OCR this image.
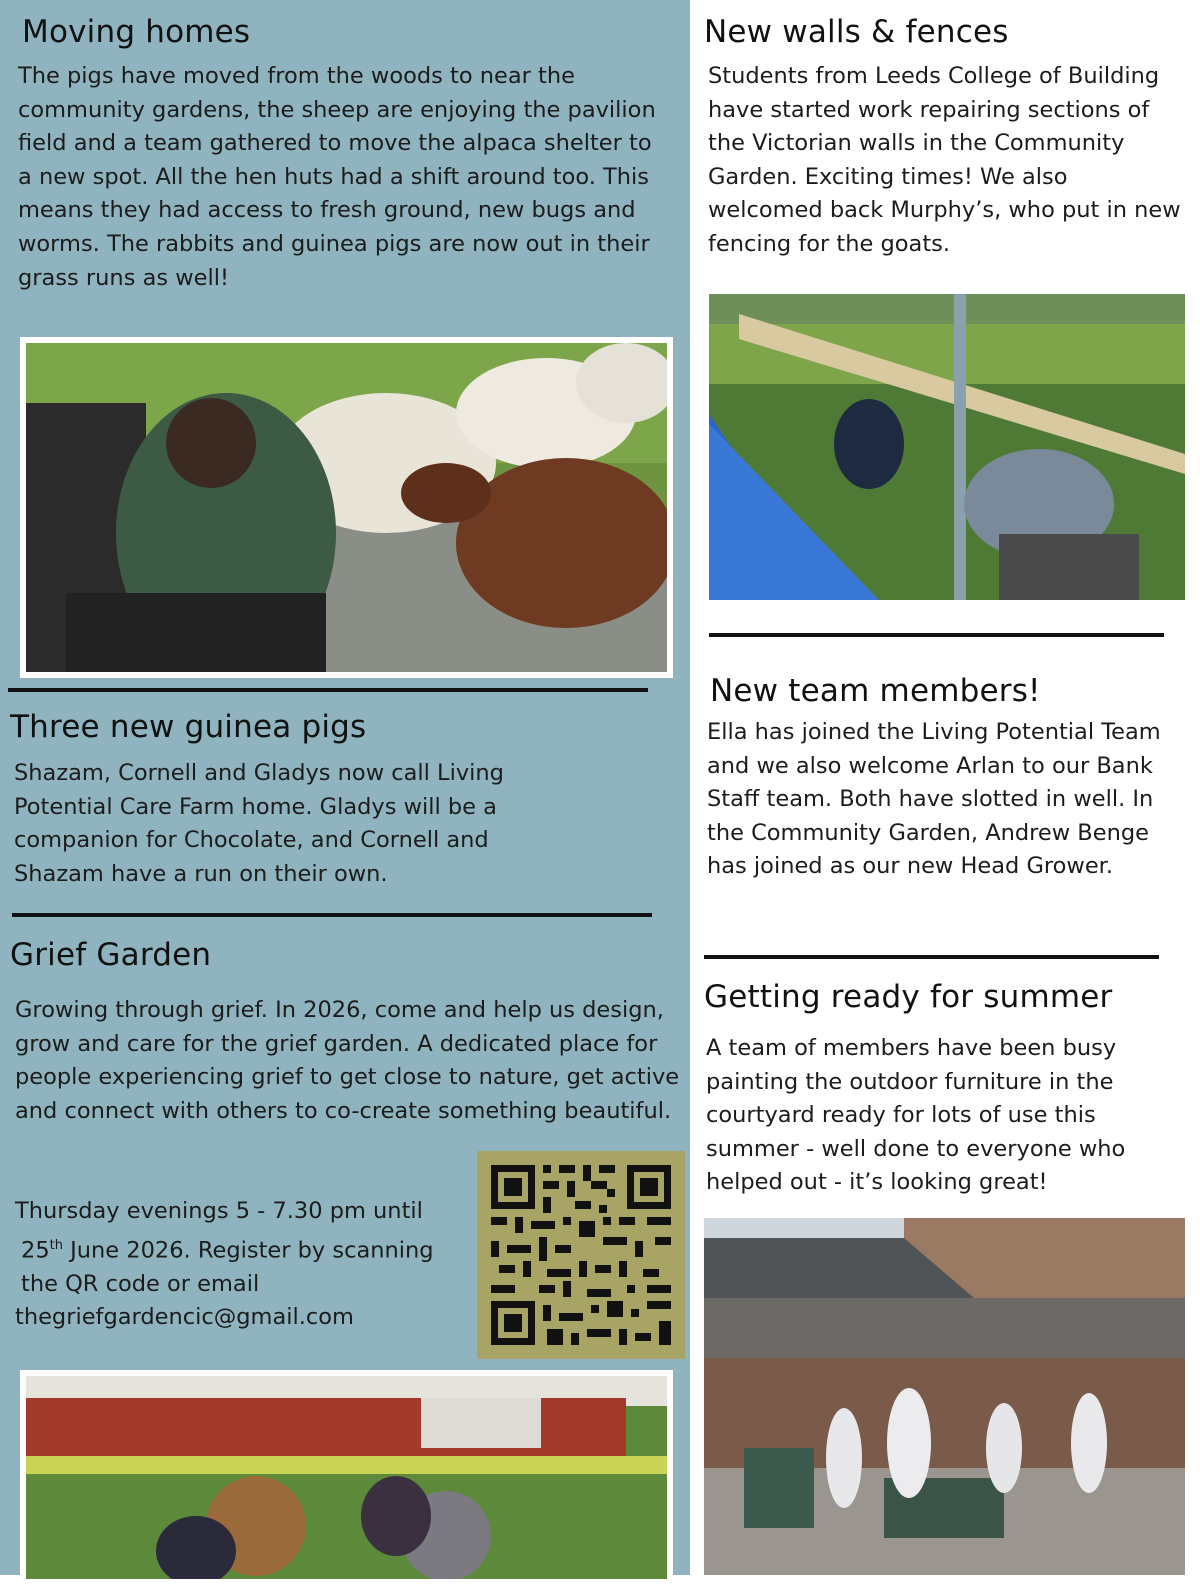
Moving homes

The pigs have moved from the woods to near the community gardens, the sheep are enjoying the pavilion field and a team gathered to move the alpaca shelter to a new spot. All the hen huts had a shift around too. This means they had access to fresh ground, new bugs and worms. The rabbits and guinea pigs are now out in their grass runs as well!

Three new guinea pigs

Shazam, Cornell and Gladys now call Living Potential Care Farm home. Gladys will be a companion for Chocolate, and Cornell and Shazam have a run on their own.

Grief Garden

Growing through grief. In 2026, come and help us design, grow and care for the grief garden. A dedicated place for people experiencing grief to get close to nature, get active and connect with others to co-create something beautiful.

Thursday evenings 5 - 7.30 pm until
25th June 2026. Register by scanning
the QR code or email
thegriefgardencic@gmail.com
New walls & fences

Students from Leeds College of Building have started work repairing sections of the Victorian walls in the Community Garden. Exciting times! We also welcomed back Murphy’s, who put in new fencing for the goats.

New team members!

Ella has joined the Living Potential Team and we also welcome Arlan to our Bank Staff team. Both have slotted in well. In the Community Garden, Andrew Benge has joined as our new Head Grower.

Getting ready for summer

A team of members have been busy painting the outdoor furniture in the courtyard ready for lots of use this summer - well done to everyone who helped out - it’s looking great!
